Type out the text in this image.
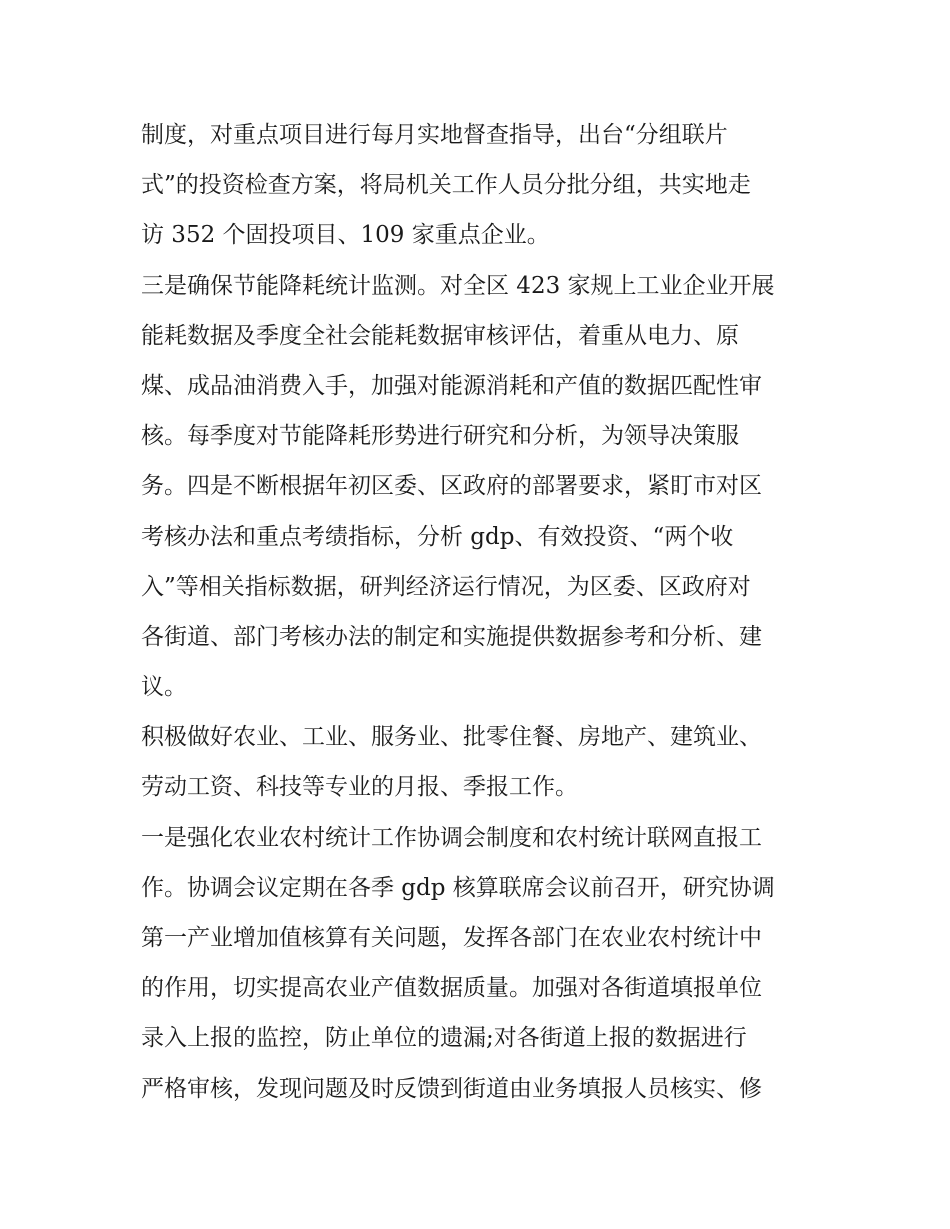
制度，对重点项目进行每月实地督查指导，出台“分组联片
式”的投资检查方案，将局机关工作人员分批分组，共实地走
访 352 个固投项目、109 家重点企业。
三是确保节能降耗统计监测。对全区 423 家规上工业企业开展
能耗数据及季度全社会能耗数据审核评估，着重从电力、原
煤、成品油消费入手，加强对能源消耗和产值的数据匹配性审
核。每季度对节能降耗形势进行研究和分析，为领导决策服
务。四是不断根据年初区委、区政府的部署要求，紧盯市对区
考核办法和重点考绩指标，分析 gdp、有效投资、“两个收
入”等相关指标数据，研判经济运行情况，为区委、区政府对
各街道、部门考核办法的制定和实施提供数据参考和分析、建
议。
积极做好农业、工业、服务业、批零住餐、房地产、建筑业、
劳动工资、科技等专业的月报、季报工作。
一是强化农业农村统计工作协调会制度和农村统计联网直报工
作。协调会议定期在各季 gdp 核算联席会议前召开，研究协调
第一产业增加值核算有关问题，发挥各部门在农业农村统计中
的作用，切实提高农业产值数据质量。加强对各街道填报单位
录入上报的监控，防止单位的遗漏;对各街道上报的数据进行
严格审核，发现问题及时反馈到街道由业务填报人员核实、修
